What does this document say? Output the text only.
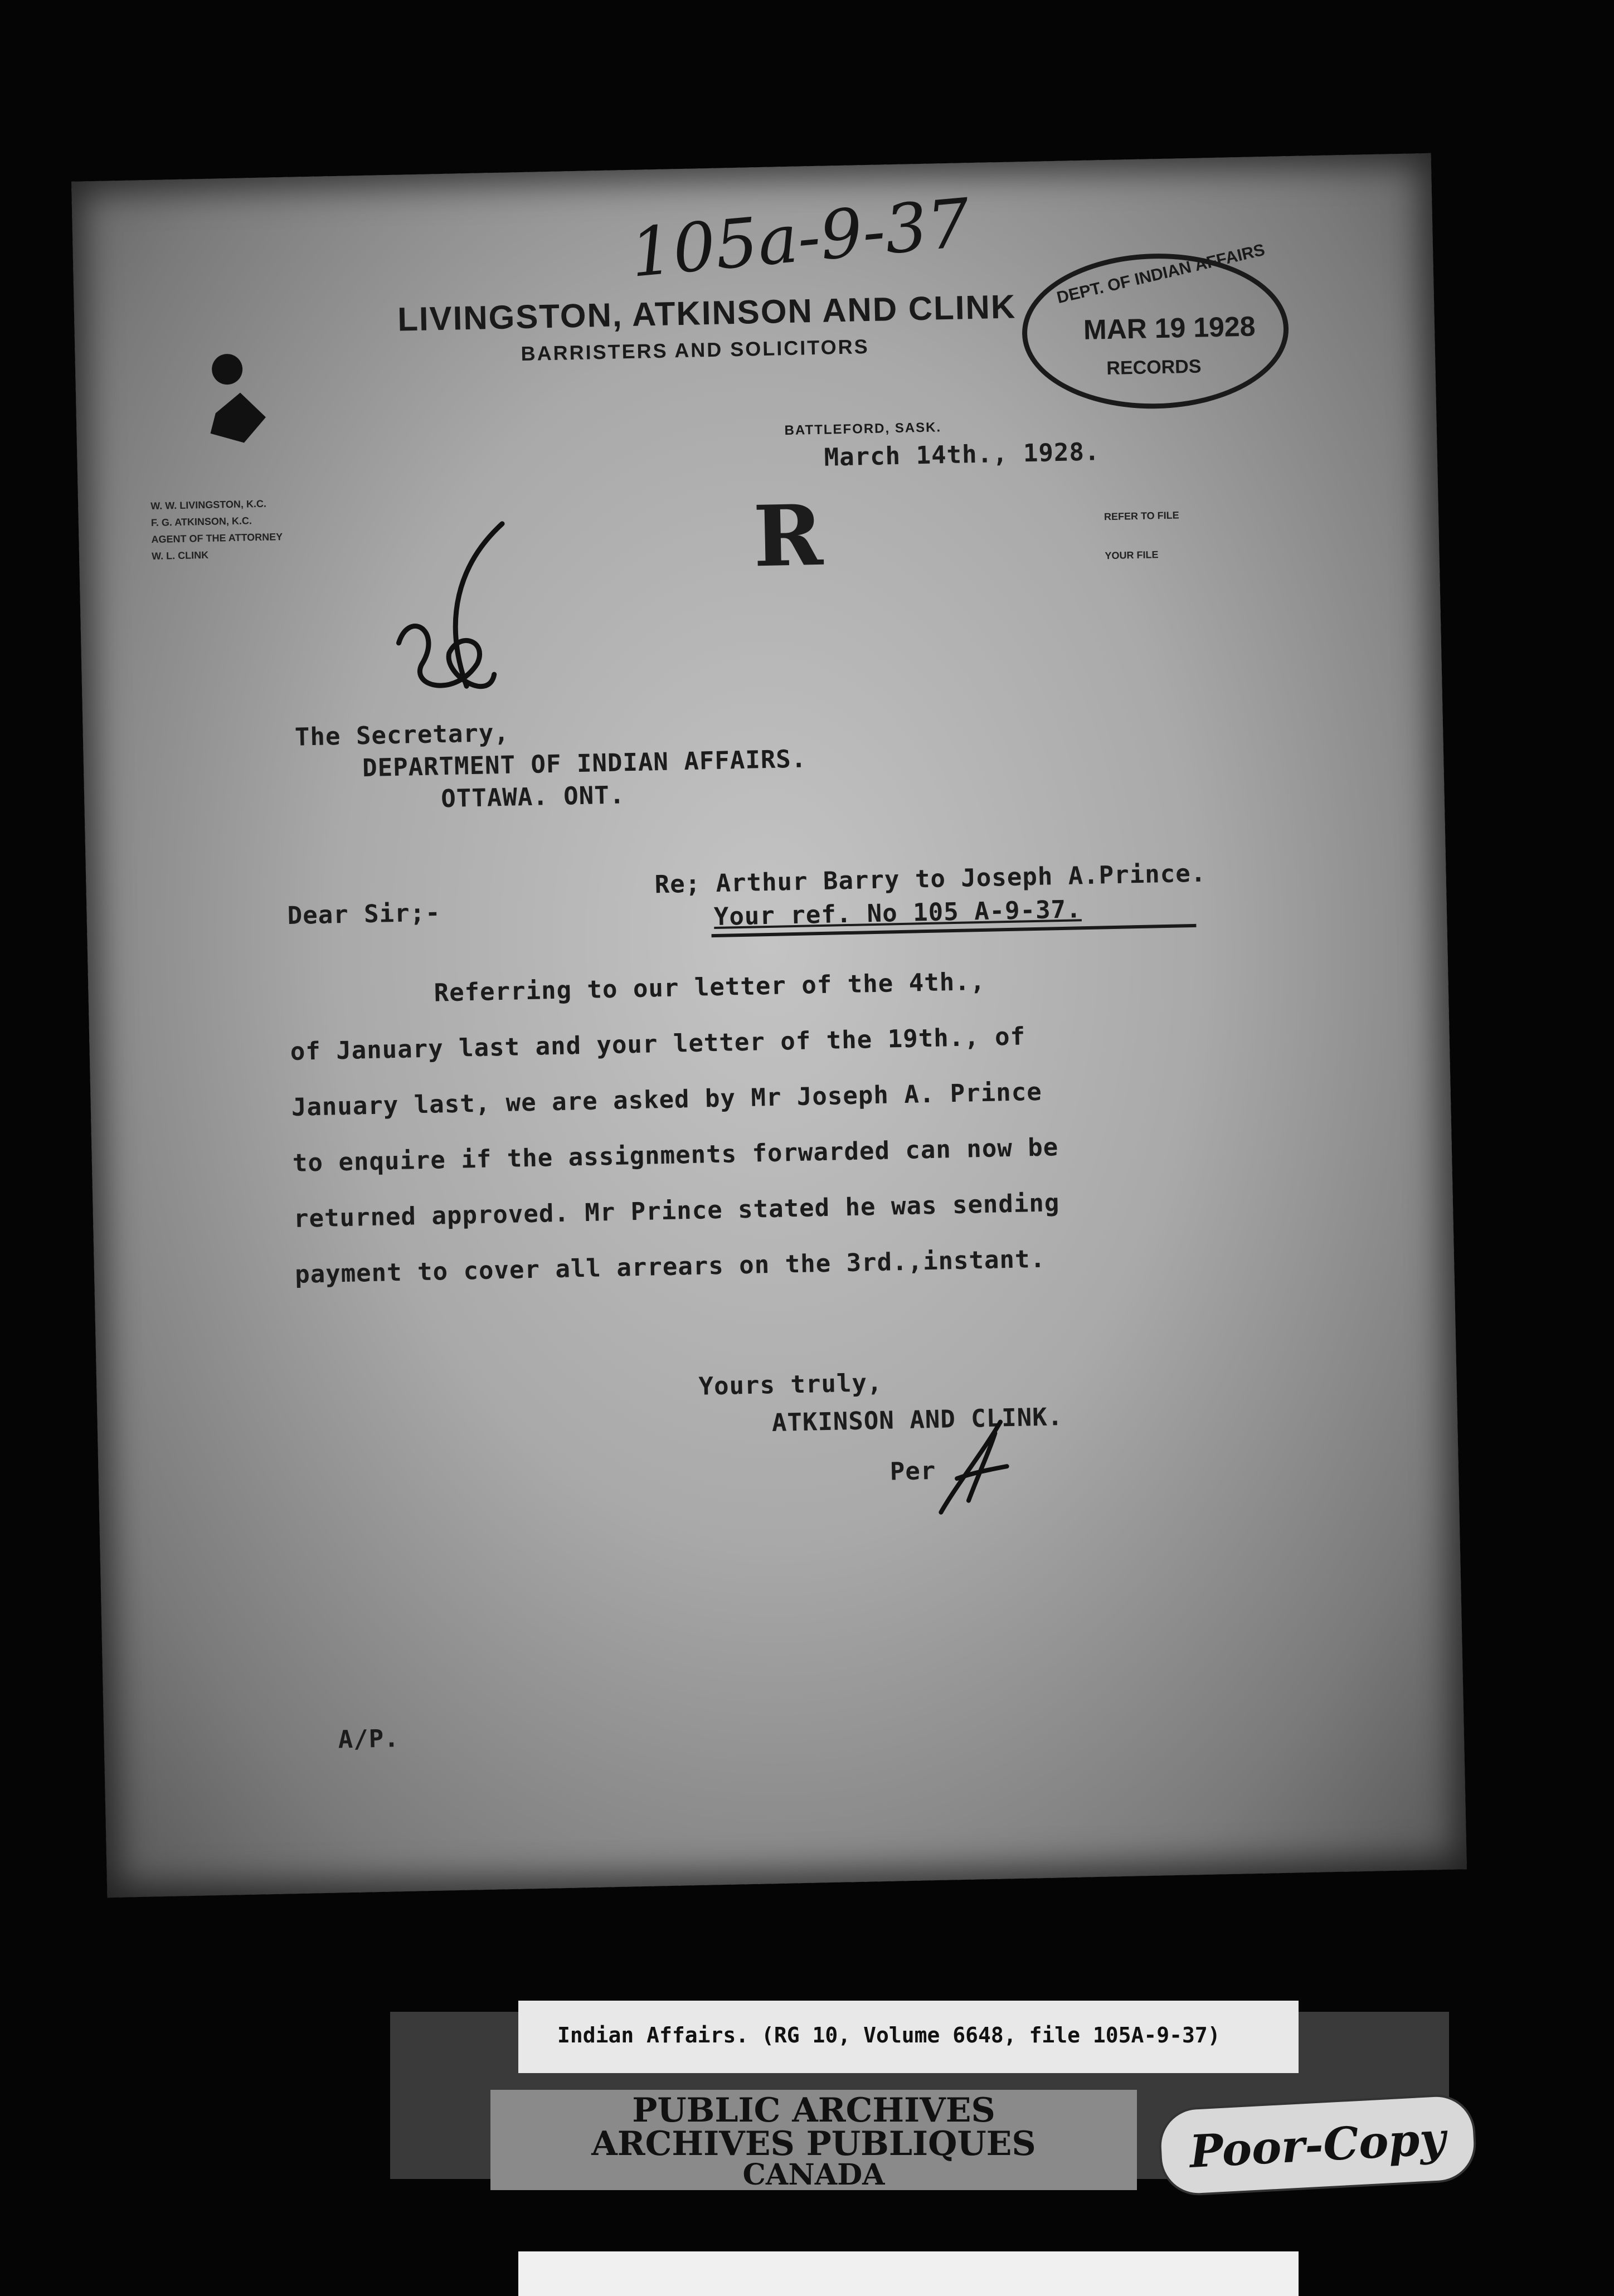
105a-9-37
LIVINGSTON, ATKINSON AND CLINK
BARRISTERS AND SOLICITORS
DEPT. OF INDIAN AFFAIRS
MAR 19 1928
RECORDS
BATTLEFORD, SASK.
March 14th., 1928.
W. W. LIVINGSTON, K.C.
F. G. ATKINSON, K.C.
AGENT OF THE ATTORNEY
W. L. CLINK	R	REFER TO FILE
YOUR FILE
The Secretary,
DEPARTMENT OF INDIAN AFFAIRS.
OTTAWA. ONT.
Dear Sir;-
Re; Arthur Barry to Joseph A.Prince.
Your ref. No 105 A-9-37.
Referring to our letter of the 4th.,
of January last and your letter of the 19th., of
January last, we are asked by Mr Joseph A. Prince
to enquire if the assignments forwarded can now be
returned approved. Mr Prince stated he was sending
payment to cover all arrears on the 3rd.,instant.
Yours truly,
ATKINSON AND CLINK.
Per
A/P.
Indian Affairs. (RG 10, Volume 6648, file 105A-9-37)
PUBLIC ARCHIVES
ARCHIVES PUBLIQUES
CANADA	Poor-Copy
